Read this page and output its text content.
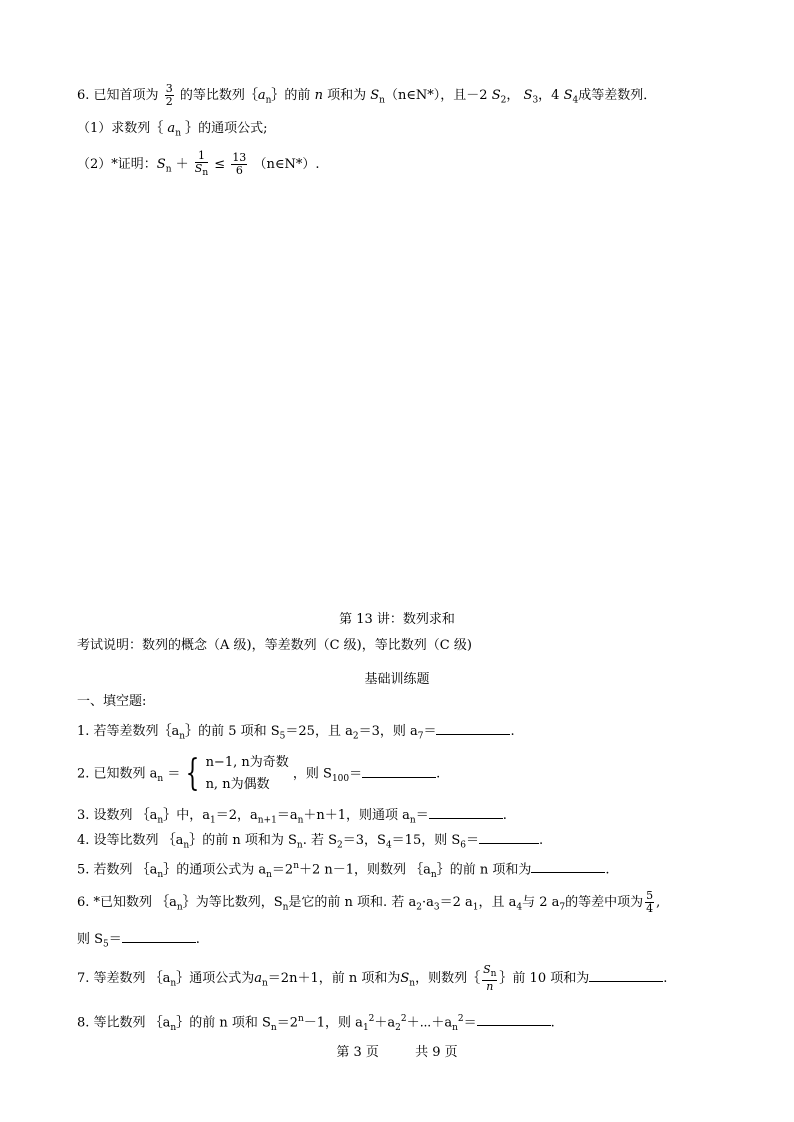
6. 已知首项为 $\frac{3}{2}$ 的等比数列$\{a_n\}$的前 n 项和为 $S_n(n\in N*)$，且－2 $S_2$， $S_3$，4 $S_4$成等差数列．
（1）求数列｛ $a_n$ ｝的通项公式;
（2）*证明：$S_n + \frac{1}{S_n} \le \frac{13}{6}$ （n∈N*）.
第 13 讲：数列求和
考试说明：数列的概念（A 级)，等差数列（C 级)，等比数列（C 级)
基础训练题
一、填空题:
1. 若等差数列$\{a_n\}$的前 5 项和 $S_5=25$，且 $a_2=3$，则 $a_7=$	.
2. 已知数列 $a_n$ ＝ { n−1, n为奇数
n, n为偶数
，则 $S_{100}=$	.
3. 设数列 $\{a_n\}$中，$a_1=2$，$a_{n+1}=a_n+n+1$，则通项 $a_n=$	.
4. 设等比数列 $\{a_n\}$的前 n 项和为 $S_n$. 若 $S_2=3$，$S_4=15$，则 $S_6=$	.
5. 若数列 $\{a_n\}$的通项公式为 $a_n=2^n+2$ n－1，则数列 $\{a_n\}$的前 n 项和为	.
6. *已知数列 $\{a_n\}$为等比数列，$S_n$是它的前 n 项和. 若 $a_2\cdot a_3=2$ $a_1$，且 $a_4$与 2 $a_7$的等差中项为 $\frac{5}{4}$ ,
则 $S_5=$	.
7. 等差数列 $\{a_n\}$通项公式为$a_n=2n+1$，前 n 项和为$S_n$，则数列｛ $\frac{S_n}{n}$ ｝前 10 项和为	.
8. 等比数列 $\{a_n\}$的前 n 项和 $S_n=2^n-1$，则 $a_1^2+a_2^2+\cdots+a_n^2=$	.
第 3 页	共 9 页
